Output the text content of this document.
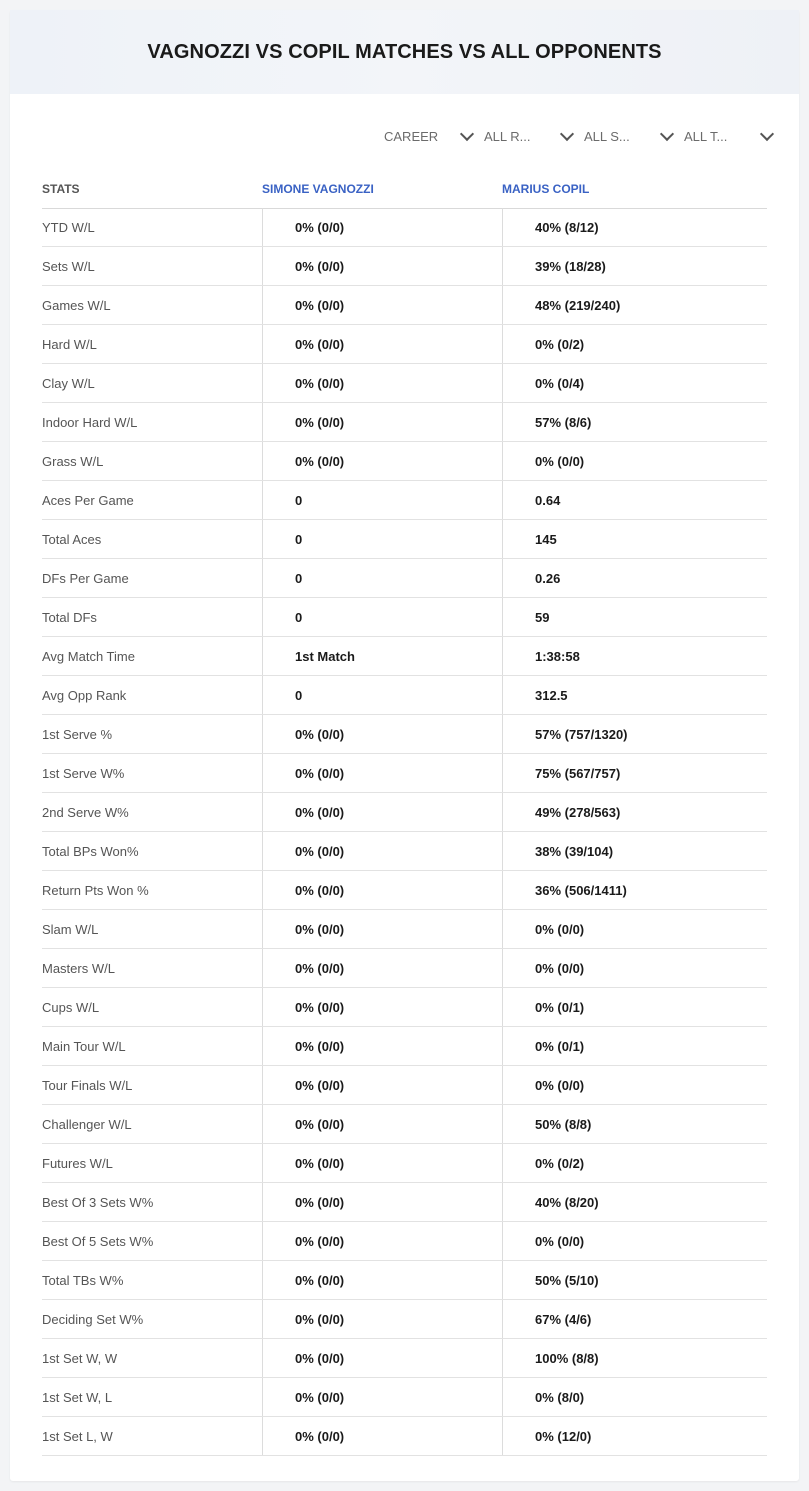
VAGNOZZI VS COPIL MATCHES VS ALL OPPONENTS
CAREER	ALL R...	ALL S...	ALL T...
STATS	SIMONE VAGNOZZI	MARIUS COPIL
YTD W/L	0% (0/0)	40% (8/12)
Sets W/L	0% (0/0)	39% (18/28)
Games W/L	0% (0/0)	48% (219/240)
Hard W/L	0% (0/0)	0% (0/2)
Clay W/L	0% (0/0)	0% (0/4)
Indoor Hard W/L	0% (0/0)	57% (8/6)
Grass W/L	0% (0/0)	0% (0/0)
Aces Per Game	0	0.64
Total Aces	0	145
DFs Per Game	0	0.26
Total DFs	0	59
Avg Match Time	1st Match	1:38:58
Avg Opp Rank	0	312.5
1st Serve %	0% (0/0)	57% (757/1320)
1st Serve W%	0% (0/0)	75% (567/757)
2nd Serve W%	0% (0/0)	49% (278/563)
Total BPs Won%	0% (0/0)	38% (39/104)
Return Pts Won %	0% (0/0)	36% (506/1411)
Slam W/L	0% (0/0)	0% (0/0)
Masters W/L	0% (0/0)	0% (0/0)
Cups W/L	0% (0/0)	0% (0/1)
Main Tour W/L	0% (0/0)	0% (0/1)
Tour Finals W/L	0% (0/0)	0% (0/0)
Challenger W/L	0% (0/0)	50% (8/8)
Futures W/L	0% (0/0)	0% (0/2)
Best Of 3 Sets W%	0% (0/0)	40% (8/20)
Best Of 5 Sets W%	0% (0/0)	0% (0/0)
Total TBs W%	0% (0/0)	50% (5/10)
Deciding Set W%	0% (0/0)	67% (4/6)
1st Set W, W	0% (0/0)	100% (8/8)
1st Set W, L	0% (0/0)	0% (8/0)
1st Set L, W	0% (0/0)	0% (12/0)
